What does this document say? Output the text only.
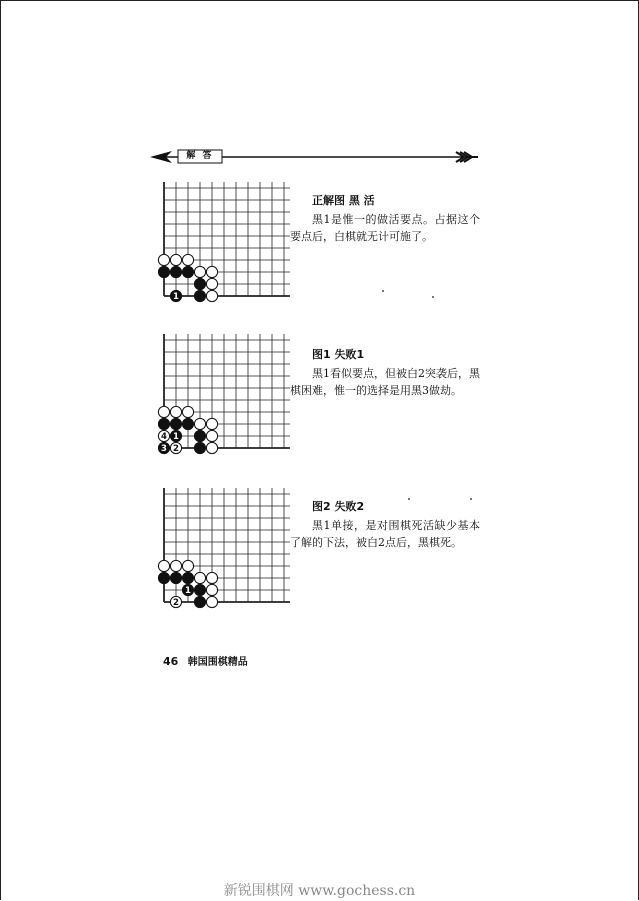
解 答
1
正解图 黑 活
黑1是惟一的做活要点。占据这个要点后，白棋就无计可施了。
4 1
3 2
图1 失败1
黑1看似要点，但被白2突袭后，黑棋困难，惟一的选择是用黑3做劫。
1
2
图2 失败2
黑1单接，是对围棋死活缺少基本了解的下法，被白2点后，黑棋死。
46 韩国围棋精品
新锐围棋网 www.gochess.cn
